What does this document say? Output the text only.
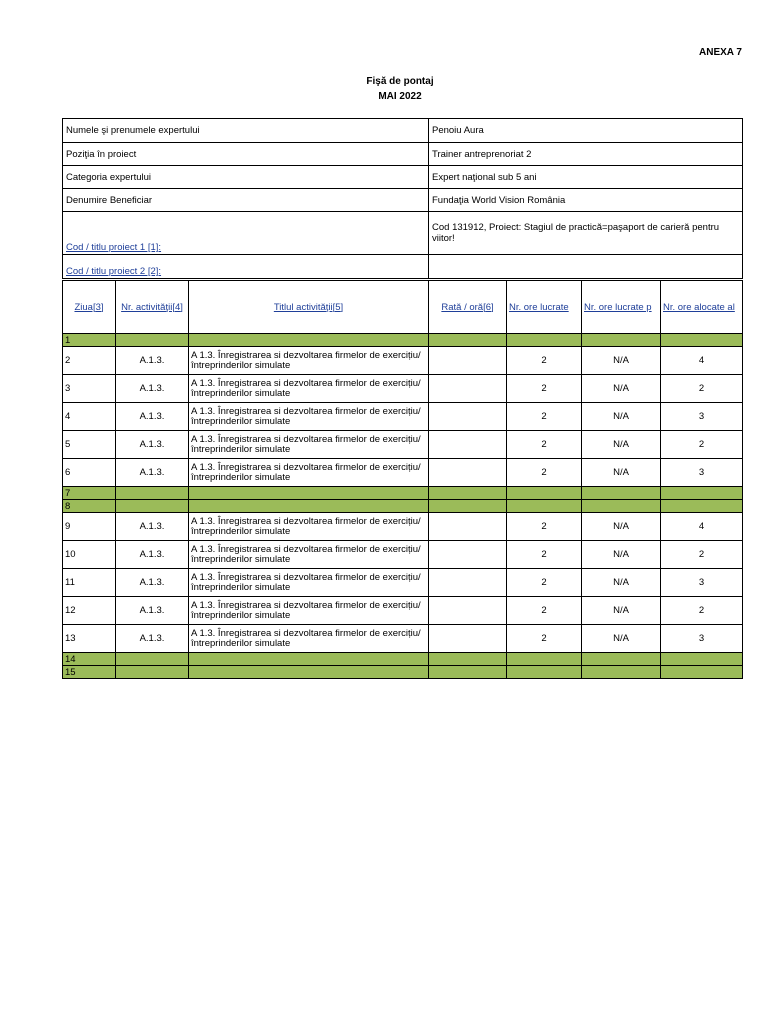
ANEXA 7
Fişă de pontaj
MAI 2022
Numele şi prenumele expertului	Penoiu Aura
Poziţia în proiect	Trainer antreprenoriat 2
Categoria expertului	Expert naţional sub 5 ani
Denumire Beneficiar	Fundaţia World Vision România
Cod / titlu proiect 1 [1]:	Cod 131912, Proiect: Stagiul de practică=paşaport de carieră pentru viitor!
Cod / titlu proiect 2 [2]:	
Ziua[3]	Nr. activităţii[4]	Titlul activităţii[5]	Rată / oră[6]	Nr. ore lucrate	Nr. ore lucrate p	Nr. ore alocate al
1						
2	A.1.3.	A 1.3. Înregistrarea si dezvoltarea firmelor de exercițiu/întreprinderilor simulate		2	N/A	4
3	A.1.3.	A 1.3. Înregistrarea si dezvoltarea firmelor de exercițiu/întreprinderilor simulate		2	N/A	2
4	A.1.3.	A 1.3. Înregistrarea si dezvoltarea firmelor de exercițiu/întreprinderilor simulate		2	N/A	3
5	A.1.3.	A 1.3. Înregistrarea si dezvoltarea firmelor de exercițiu/întreprinderilor simulate		2	N/A	2
6	A.1.3.	A 1.3. Înregistrarea si dezvoltarea firmelor de exercițiu/întreprinderilor simulate		2	N/A	3
7						
8						
9	A.1.3.	A 1.3. Înregistrarea si dezvoltarea firmelor de exercițiu/întreprinderilor simulate		2	N/A	4
10	A.1.3.	A 1.3. Înregistrarea si dezvoltarea firmelor de exercițiu/întreprinderilor simulate		2	N/A	2
11	A.1.3.	A 1.3. Înregistrarea si dezvoltarea firmelor de exercițiu/întreprinderilor simulate		2	N/A	3
12	A.1.3.	A 1.3. Înregistrarea si dezvoltarea firmelor de exercițiu/întreprinderilor simulate		2	N/A	2
13	A.1.3.	A 1.3. Înregistrarea si dezvoltarea firmelor de exercițiu/întreprinderilor simulate		2	N/A	3
14						
15						
